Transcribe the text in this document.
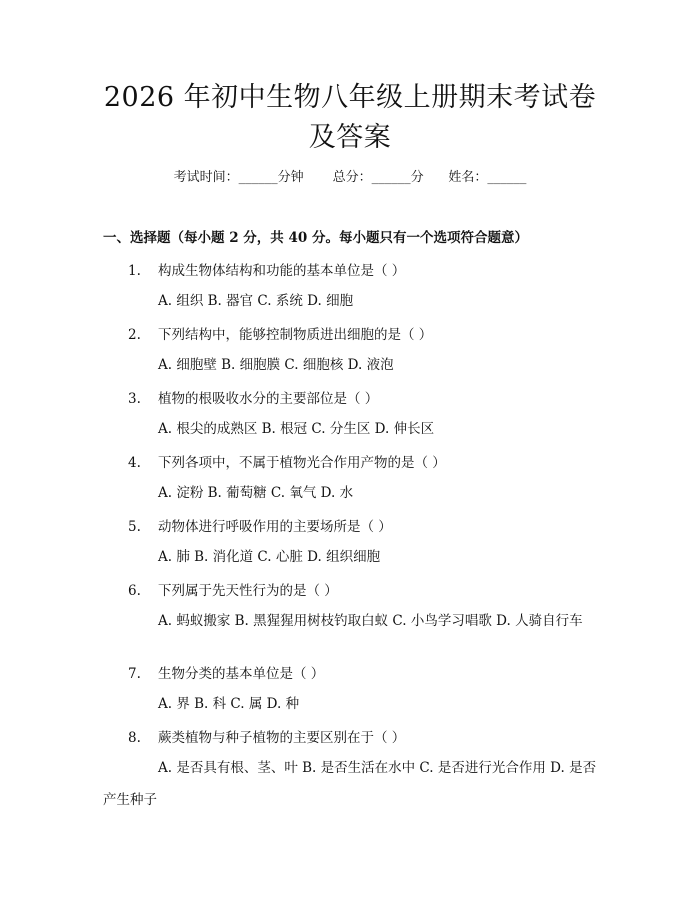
2026 年初中生物八年级上册期末考试卷及答案
考试时间：______分钟 总分：______分 姓名：______
一、选择题（每小题 2 分，共 40 分。每小题只有一个选项符合题意）
1. 构成生物体结构和功能的基本单位是（ ）
A. 组织 B. 器官 C. 系统 D. 细胞
2. 下列结构中，能够控制物质进出细胞的是（ ）
A. 细胞壁 B. 细胞膜 C. 细胞核 D. 液泡
3. 植物的根吸收水分的主要部位是（ ）
A. 根尖的成熟区 B. 根冠 C. 分生区 D. 伸长区
4. 下列各项中，不属于植物光合作用产物的是（ ）
A. 淀粉 B. 葡萄糖 C. 氧气 D. 水
5. 动物体进行呼吸作用的主要场所是（ ）
A. 肺 B. 消化道 C. 心脏 D. 组织细胞
6. 下列属于先天性行为的是（ ）
A. 蚂蚁搬家 B. 黑猩猩用树枝钓取白蚁 C. 小鸟学习唱歌 D. 人骑自行车
7. 生物分类的基本单位是（ ）
A. 界 B. 科 C. 属 D. 种
8. 蕨类植物与种子植物的主要区别在于（ ）
A. 是否具有根、茎、叶 B. 是否生活在水中 C. 是否进行光合作用 D. 是否产生种子
